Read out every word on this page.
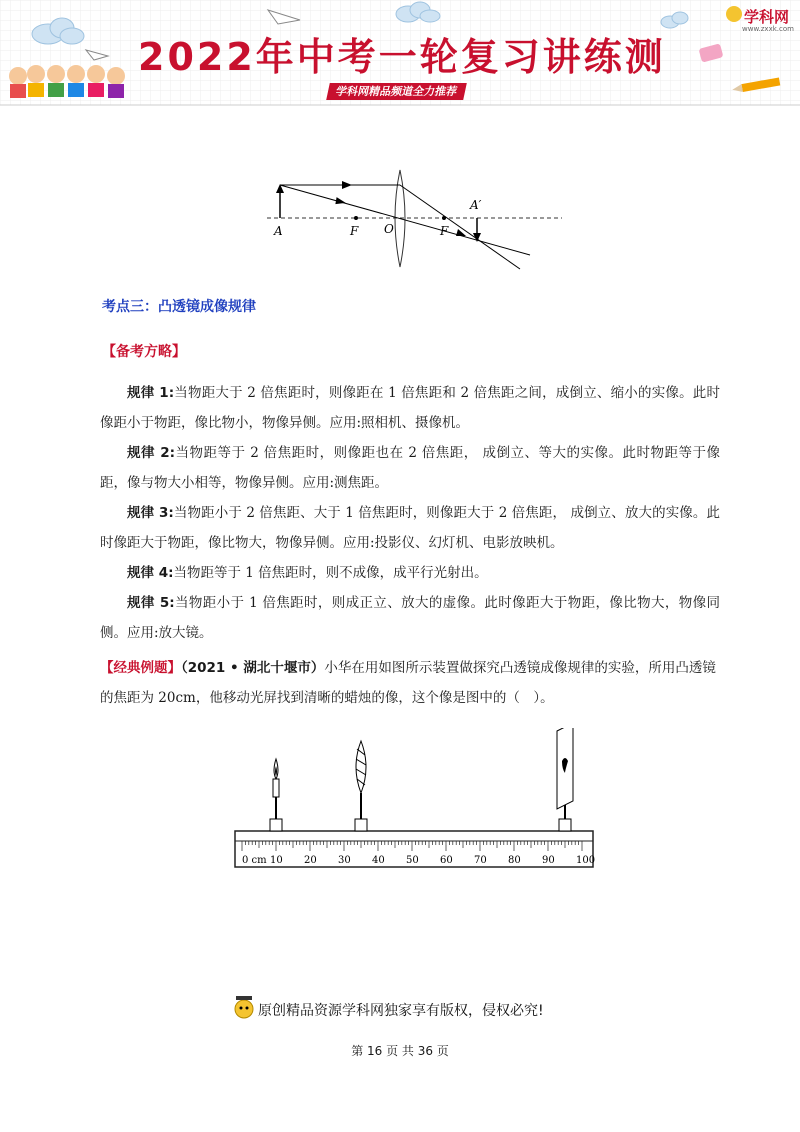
2022年中考一轮复习讲练测
学科网精品频道全力推荐
学科网
www.zxxk.com
A	F O	F
A′
考点三：凸透镜成像规律
【备考方略】

规律 1:当物距大于 2 倍焦距时，则像距在 1 倍焦距和 2 倍焦距之间，成倒立、缩小的实像。此时像距小于物距，像比物小，物像异侧。应用:照相机、摄像机。

规律 2:当物距等于 2 倍焦距时，则像距也在 2 倍焦距， 成倒立、等大的实像。此时物距等于像距，像与物大小相等，物像异侧。应用:测焦距。

规律 3:当物距小于 2 倍焦距、大于 1 倍焦距时，则像距大于 2 倍焦距， 成倒立、放大的实像。此时像距大于物距，像比物大，物像异侧。应用:投影仪、幻灯机、电影放映机。

规律 4:当物距等于 1 倍焦距时，则不成像，成平行光射出。

规律 5:当物距小于 1 倍焦距时，则成正立、放大的虚像。此时像距大于物距，像比物大，物像同侧。应用:放大镜。

【经典例题】（2021 • 湖北十堰市）小华在用如图所示装置做探究凸透镜成像规律的实验，所用凸透镜的焦距为 20cm，他移动光屏找到清晰的蜡烛的像，这个像是图中的（　）。

0 cm 10 20 30 40 50 60 70 80 90 100
原创精品资源学科网独家享有版权，侵权必究!
第 16 页 共 36 页
